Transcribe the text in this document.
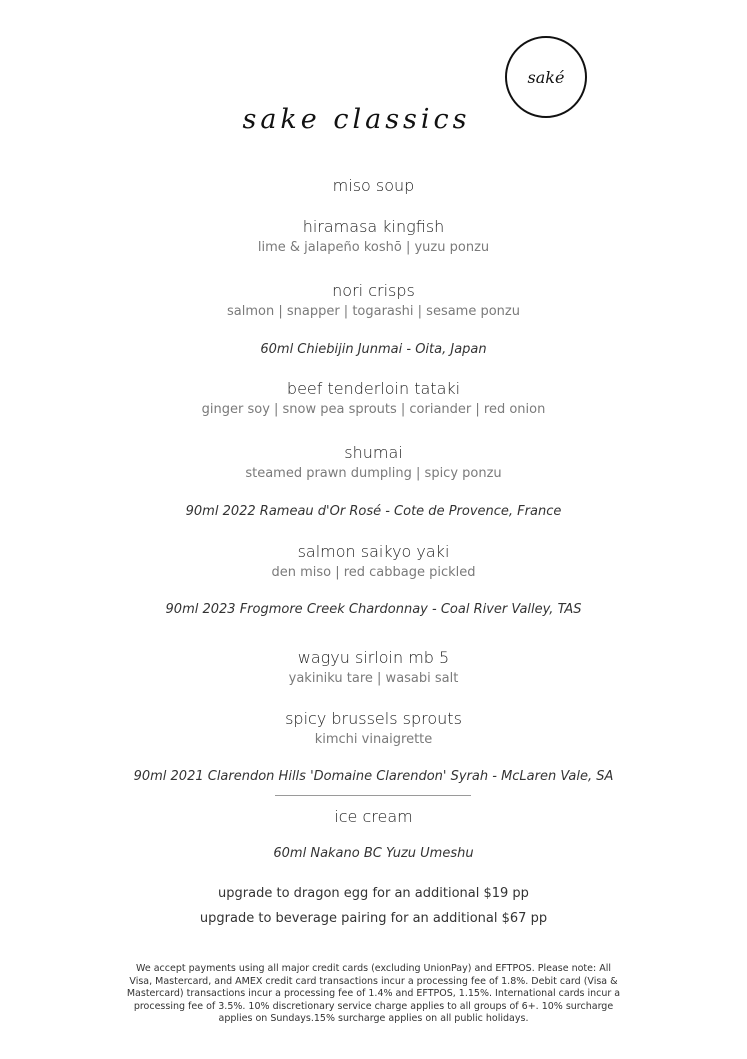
saké
sake classics
miso soup
hiramasa kingfish
lime & jalapeño koshō | yuzu ponzu
nori crisps
salmon | snapper | togarashi | sesame ponzu
60ml Chiebijin Junmai - Oita, Japan
beef tenderloin tataki
ginger soy | snow pea sprouts | coriander | red onion
shumai
steamed prawn dumpling | spicy ponzu
90ml 2022 Rameau d'Or Rosé - Cote de Provence, France
salmon saikyo yaki
den miso | red cabbage pickled
90ml 2023 Frogmore Creek Chardonnay - Coal River Valley, TAS
wagyu sirloin mb 5
yakiniku tare | wasabi salt
spicy brussels sprouts
kimchi vinaigrette
90ml 2021 Clarendon Hills 'Domaine Clarendon' Syrah - McLaren Vale, SA
ice cream
60ml Nakano BC Yuzu Umeshu
upgrade to dragon egg for an additional $19 pp
upgrade to beverage pairing for an additional $67 pp
We accept payments using all major credit cards (excluding UnionPay) and EFTPOS. Please note: All
Visa, Mastercard, and AMEX credit card transactions incur a processing fee of 1.8%. Debit card (Visa &
Mastercard) transactions incur a processing fee of 1.4% and EFTPOS, 1.15%. International cards incur a
processing fee of 3.5%. 10% discretionary service charge applies to all groups of 6+. 10% surcharge
applies on Sundays.15% surcharge applies on all public holidays.
